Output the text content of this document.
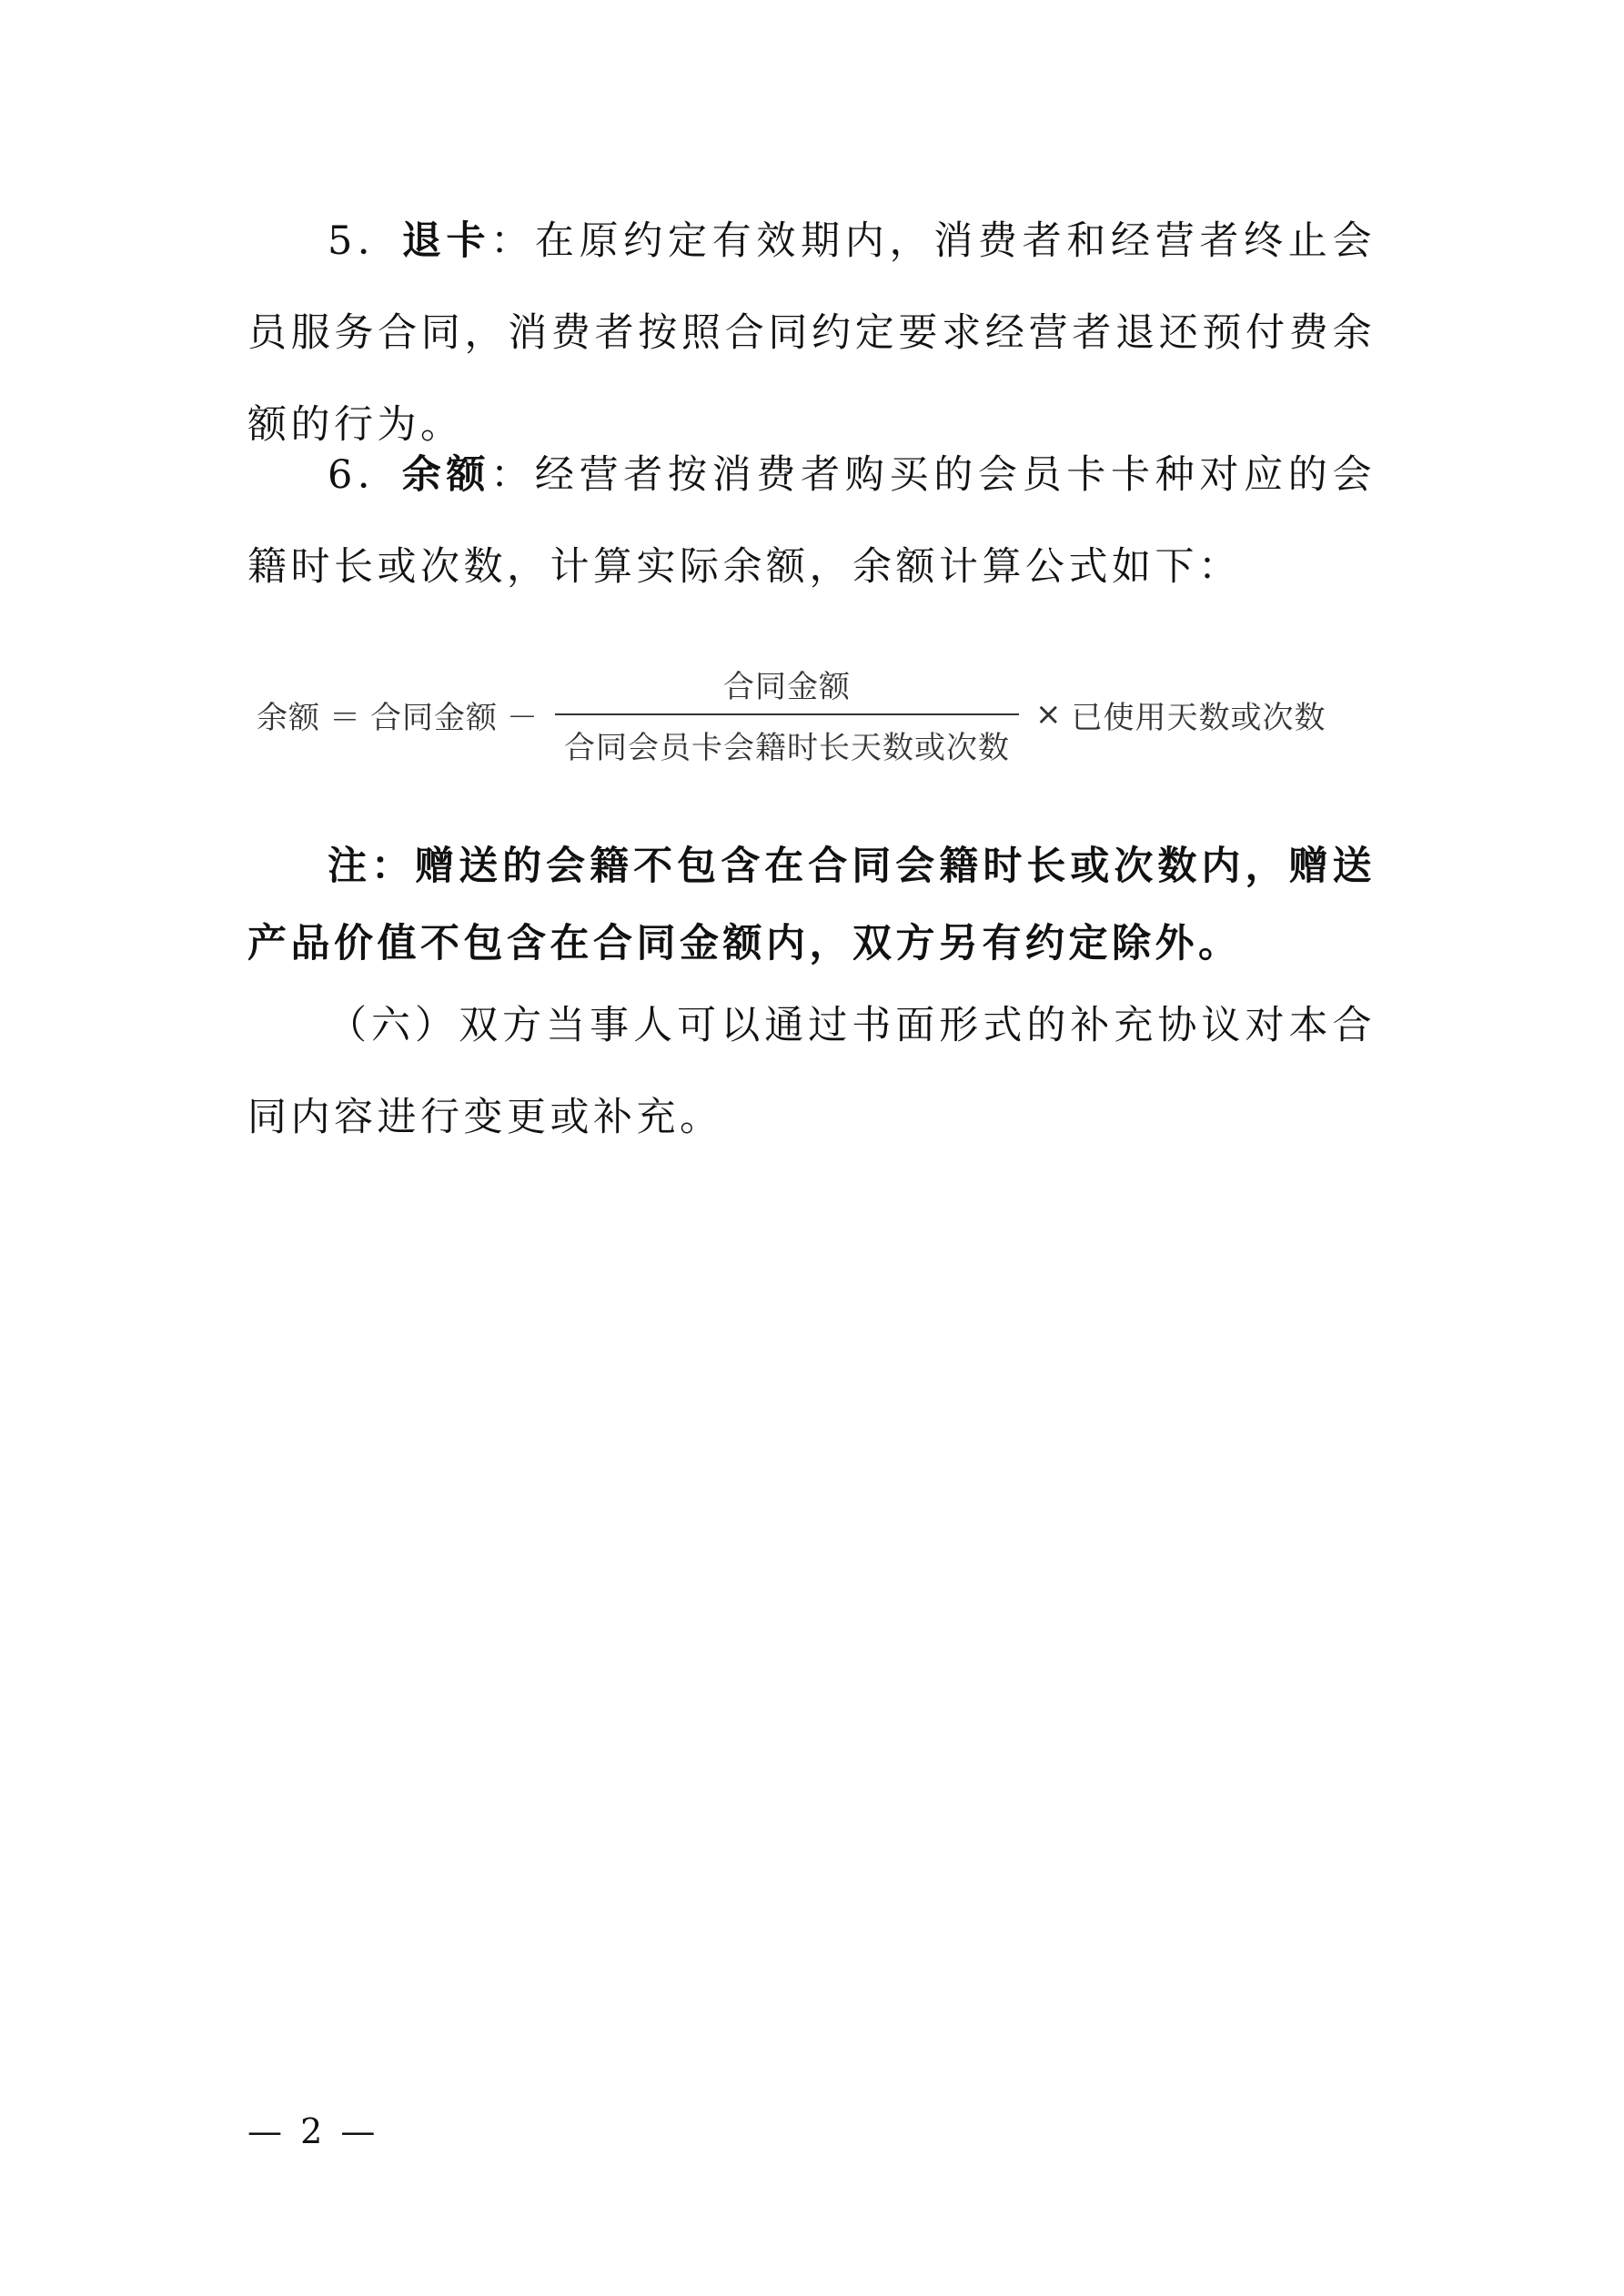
5．退卡：在原约定有效期内，消费者和经营者终止会员服务合同，消费者按照合同约定要求经营者退还预付费余额的行为。

6．余额：经营者按消费者购买的会员卡卡种对应的会籍时长或次数，计算实际余额，余额计算公式如下：

余额 ＝ 合同金额 － $\frac{\text{合同金额}}{\text{合同会员卡会籍时长天数或次数}}$ × 已使用天数或次数

注：赠送的会籍不包含在合同会籍时长或次数内，赠送产品价值不包含在合同金额内，双方另有约定除外。

（六）双方当事人可以通过书面形式的补充协议对本合同内容进行变更或补充。

— 2 —
